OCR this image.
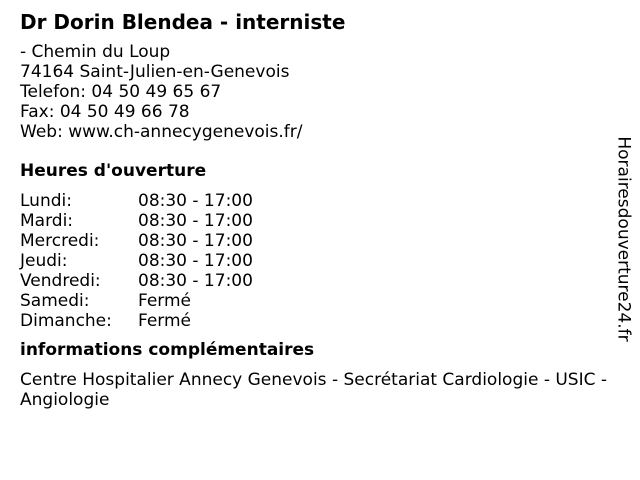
Dr Dorin Blendea - interniste
- Chemin du Loup
74164 Saint-Julien-en-Genevois
Telefon: 04 50 49 65 67
Fax: 04 50 49 66 78
Web: www.ch-annecygenevois.fr/
Heures d'ouverture
Lundi:	08:30 - 17:00
Mardi:	08:30 - 17:00
Mercredi:	08:30 - 17:00
Jeudi:	08:30 - 17:00
Vendredi:	08:30 - 17:00
Samedi:	Fermé
Dimanche:	Fermé
informations complémentaires
Centre Hospitalier Annecy Genevois - Secrétariat Cardiologie - USIC - Angiologie
Horairesdouverture24.fr
